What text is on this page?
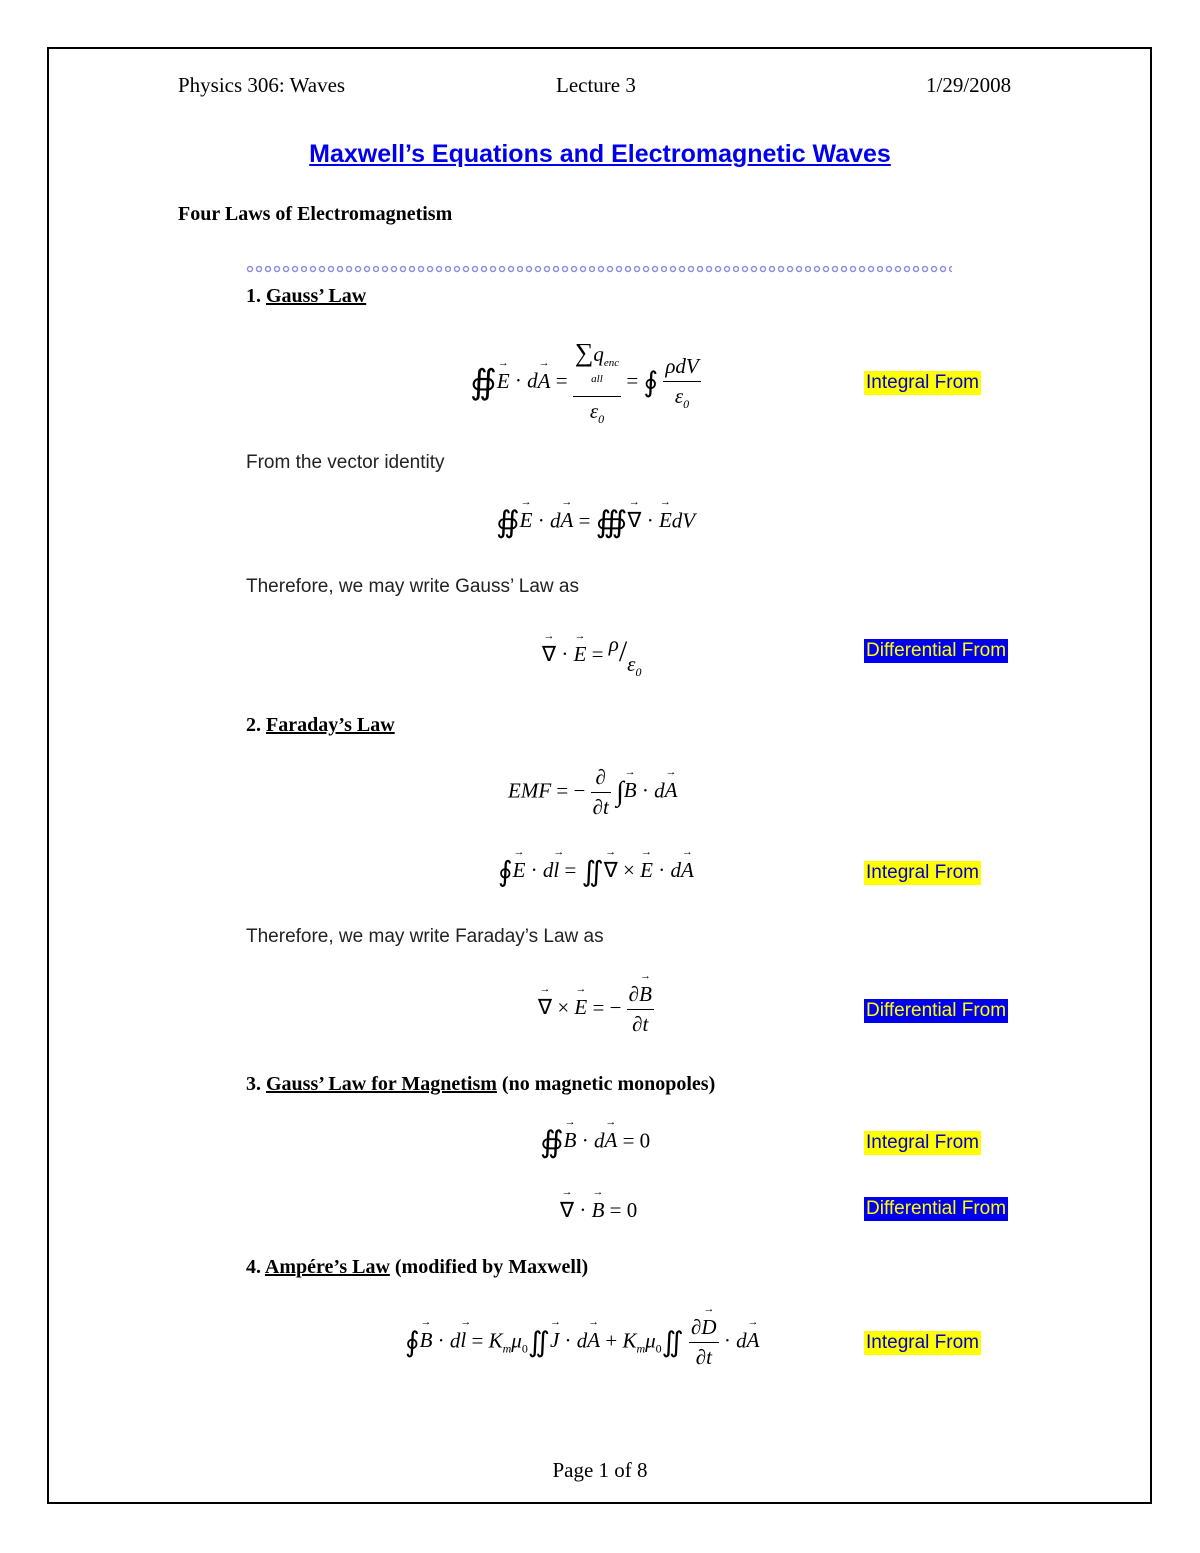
Physics 306: Waves	Lecture 3	1/29/2008
Maxwell’s Equations and Electromagnetic Waves
Four Laws of Electromagnetism
1. Gauss’ Law
∯→ E · d→ A =
$\sum q_{enc}$
$^{all}$
$\varepsilon_0$
= ∮ $\frac{\text{ρdV}}{\varepsilon_0}$	Integral From
From the vector identity
∯→ E · d→ A = ∰→ ∇ · → EdV
Therefore, we may write Gauss’ Law as
→ ∇ · → $E = \rho/\varepsilon_0$
Differential From
2. Faraday’s Law
EMF = − $\frac{\partial}{\partial t}$ ∫→ B · d→ A
∮→ E · d→ l = ∬→ ∇ × → E · d→ A	Integral From
Therefore, we may write Faraday’s Law as
→ ∇ × → E = − $\frac{\partial\to B}{\partial t}$	Differential From
3. Gauss’ Law for Magnetism (no magnetic monopoles)
∯→ B · d→ A = 0	Integral From
→ ∇ · → B = 0	Differential From
4. Ampére’s Law (modified by Maxwell)
∮→ $B \cdot d\to l = K_m\mu_0∬\to J \cdot d\to A$ + $K_m\mu_0∬ \frac{\partial\to D}{\partial t} \cdot d\to A$	Integral From
Page 1 of 8
